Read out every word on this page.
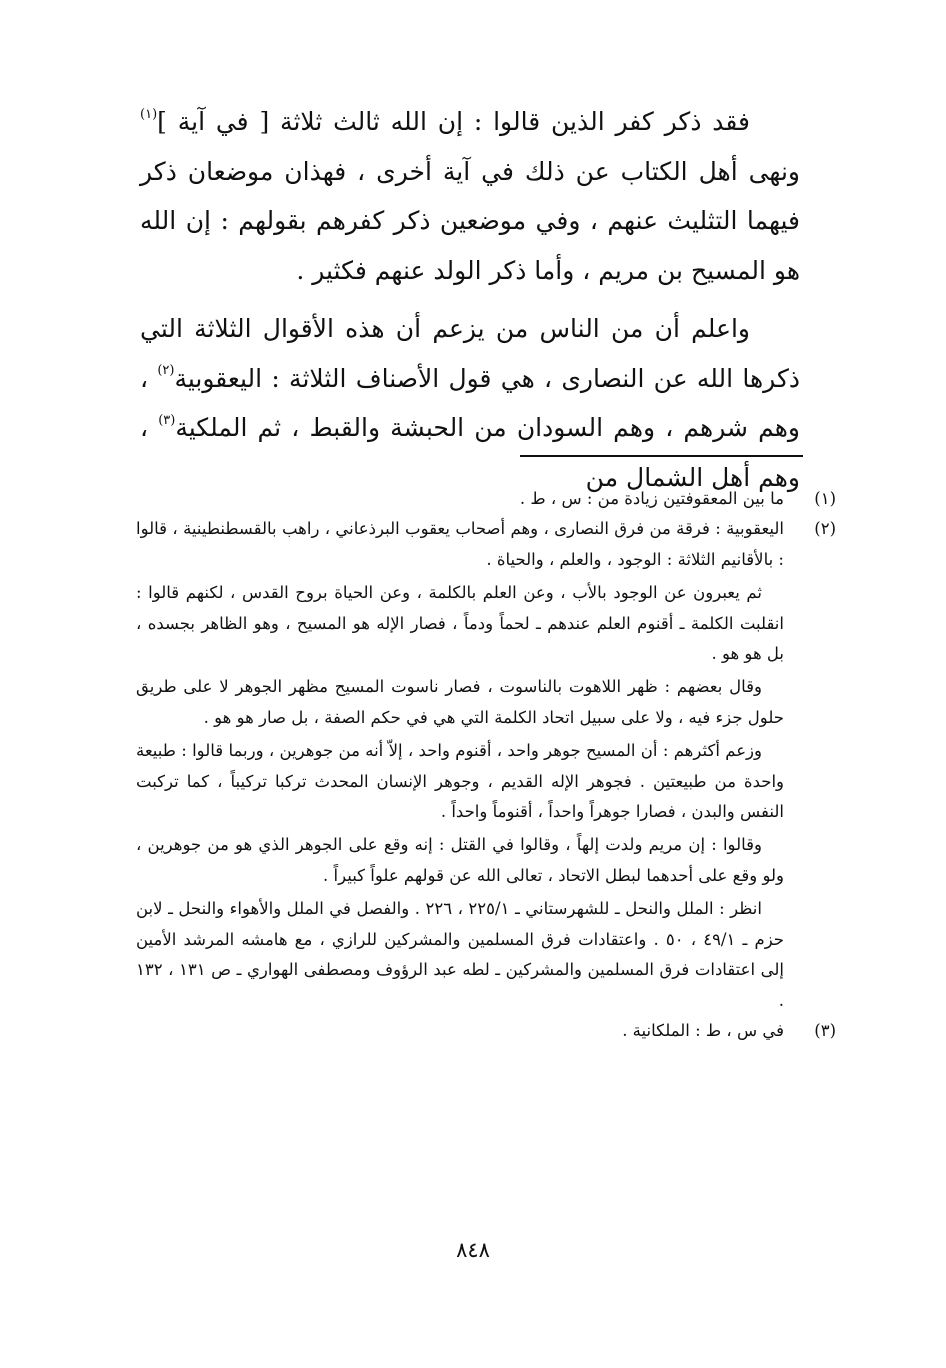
فقد ذكر كفر الذين قالوا : إن الله ثالث ثلاثة [ في آية ]$^{(١)}$ ونهى أهل الكتاب عن ذلك في آية أخرى ، فهذان موضعان ذكر فيهما التثليث عنهم ، وفي موضعين ذكر كفرهم بقولهم : إن الله هو المسيح بن مريم ، وأما ذكر الولد عنهم فكثير .

واعلم أن من الناس من يزعم أن هذه الأقوال الثلاثة التي ذكرها الله عن النصارى ، هي قول الأصناف الثلاثة : اليعقوبية$^{(٢)}$ ، وهم شرهم ، وهم السودان من الحبشة والقبط ، ثم الملكية$^{(٣)}$ ، وهم أهل الشمال من

(١)

ما بين المعقوفتين زيادة من : س ، ط .

(٢)

اليعقوبية : فرقة من فرق النصارى ، وهم أصحاب يعقوب البرذعاني ، راهب بالقسطنطينية ، قالوا : بالأقانيم الثلاثة : الوجود ، والعلم ، والحياة .

ثم يعبرون عن الوجود بالأب ، وعن العلم بالكلمة ، وعن الحياة بروح القدس ، لكنهم قالوا : انقلبت الكلمة ـ أقنوم العلم عندهم ـ لحماً ودماً ، فصار الإله هو المسيح ، وهو الظاهر بجسده ، بل هو هو .

وقال بعضهم : ظهر اللاهوت بالناسوت ، فصار ناسوت المسيح مظهر الجوهر لا على طريق حلول جزء فيه ، ولا على سبيل اتحاد الكلمة التي هي في حكم الصفة ، بل صار هو هو .

وزعم أكثرهم : أن المسيح جوهر واحد ، أقنوم واحد ، إلاّ أنه من جوهرين ، وربما قالوا : طبيعة واحدة من طبيعتين . فجوهر الإله القديم ، وجوهر الإنسان المحدث تركبا تركيباً ، كما تركبت النفس والبدن ، فصارا جوهراً واحداً ، أقنوماً واحداً .

وقالوا : إن مريم ولدت إلهاً ، وقالوا في القتل : إنه وقع على الجوهر الذي هو من جوهرين ، ولو وقع على أحدهما لبطل الاتحاد ، تعالى الله عن قولهم علواً كبيراً .

انظر : الملل والنحل ـ للشهرستاني ـ ٢٢٥/١ ، ٢٢٦ . والفصل في الملل والأهواء والنحل ـ لابن حزم ـ ٤٩/١ ، ٥٠ . واعتقادات فرق المسلمين والمشركين للرازي ، مع هامشه المرشد الأمين إلى اعتقادات فرق المسلمين والمشركين ـ لطه عبد الرؤوف ومصطفى الهواري ـ ص ١٣١ ، ١٣٢ .

(٣)

في س ، ط : الملكانية .

٨٤٨
